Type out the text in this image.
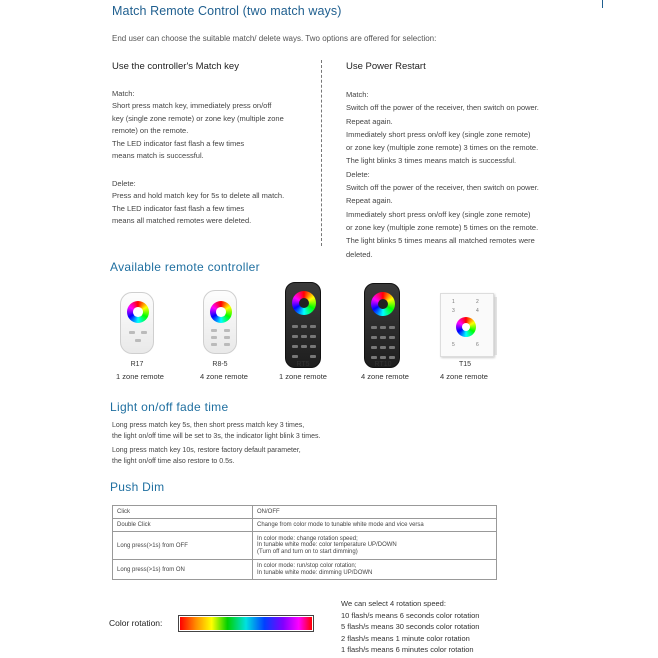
Match Remote Control (two match ways)
End user can choose the suitable match/ delete ways. Two options are offered for selection:
Use the controller's Match key
Match:
Short press match key, immediately press on/off
key (single zone remote) or zone key (multiple zone
remote) on the remote.
The LED indicator fast flash a few times
means match is successful.
Delete:
Press and hold match key for 5s to delete all match.
The LED indicator fast flash a few times
means all matched remotes were deleted.
Use Power Restart
Match:
Switch off the power of the receiver, then switch on power.
Repeat again.
Immediately short press on/off key (single zone remote)
or zone key (multiple zone remote) 3 times on the remote.
The light blinks 3 times means match is successful.
Delete:
Switch off the power of the receiver, then switch on power.
Repeat again.
Immediately short press on/off key (single zone remote)
or zone key (multiple zone remote) 5 times on the remote.
The light blinks 5 times means all matched remotes were
deleted.
Available remote controller
1	2
3	4
5	6
R17
1 zone remote
R8-5
4 zone remote
RT5
1 zone remote
RT10
4 zone remote
T15
4 zone remote
Light on/off fade time
Long press match key 5s, then short press match key 3 times,
the light on/off time will be set to 3s, the indicator light blink 3 times.
Long press match key 10s, restore factory default parameter,
the light on/off time also restore to 0.5s.
Push Dim
Click	ON/OFF

Double Click	Change from color mode to tunable white mode and vice versa

Long press(>1s) from OFF	In color mode: change rotation speed;
In tunable white mode: color temperature UP/DOWN
(Turn off and turn on to start dimming)

Long press(>1s) from ON	In color mode: run/stop color rotation;
In tunable white mode: dimming UP/DOWN
Color rotation:
We can select 4 rotation speed:
10 flash/s means 6 seconds color rotation
5 flash/s means 30 seconds color rotation
2 flash/s means 1 minute color rotation
1 flash/s means 6 minutes color rotation
